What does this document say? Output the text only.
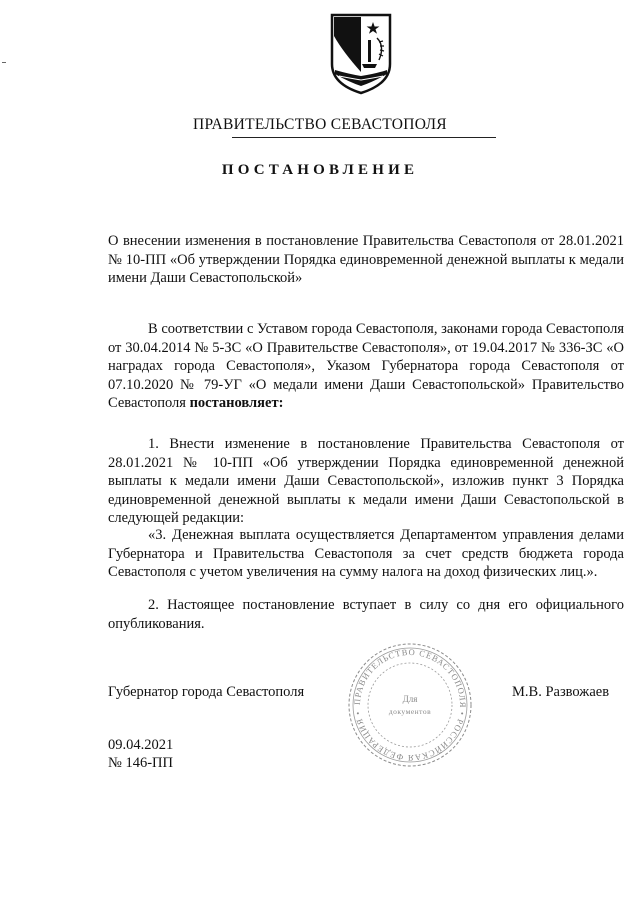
ПРАВИТЕЛЬСТВО СЕВАСТОПОЛЯ
ПОСТАНОВЛЕНИЕ
О внесении изменения в постановление Правительства Севастополя от 28.01.2021 № 10-ПП «Об утверждении Порядка единовременной денежной выплаты к медали имени Даши Севастопольской»
В соответствии с Уставом города Севастополя, законами города Севастополя от 30.04.2014 № 5-ЗС «О Правительстве Севастополя», от 19.04.2017 № 336-ЗС «О наградах города Севастополя», Указом Губернатора города Севастополя от 07.10.2020 № 79-УГ «О медали имени Даши Севастопольской» Правительство Севастополя постановляет:
1. Внести изменение в постановление Правительства Севастополя от 28.01.2021 № 10-ПП «Об утверждении Порядка единовременной денежной выплаты к медали имени Даши Севастопольской», изложив пункт 3 Порядка единовременной денежной выплаты к медали имени Даши Севастопольской в следующей редакции:
«3. Денежная выплата осуществляется Департаментом управления делами Губернатора и Правительства Севастополя за счет средств бюджета города Севастополя с учетом увеличения на сумму налога на доход физических лиц.».
2. Настоящее постановление вступает в силу со дня его официального опубликования.
ПРАВИТЕЛЬСТВО СЕВАСТОПОЛЯ • РОССИЙСКАЯ ФЕДЕРАЦИЯ •
Для
документов
Губернатор города Севастополя	М.В. Развожаев
09.04.2021
№ 146-ПП
